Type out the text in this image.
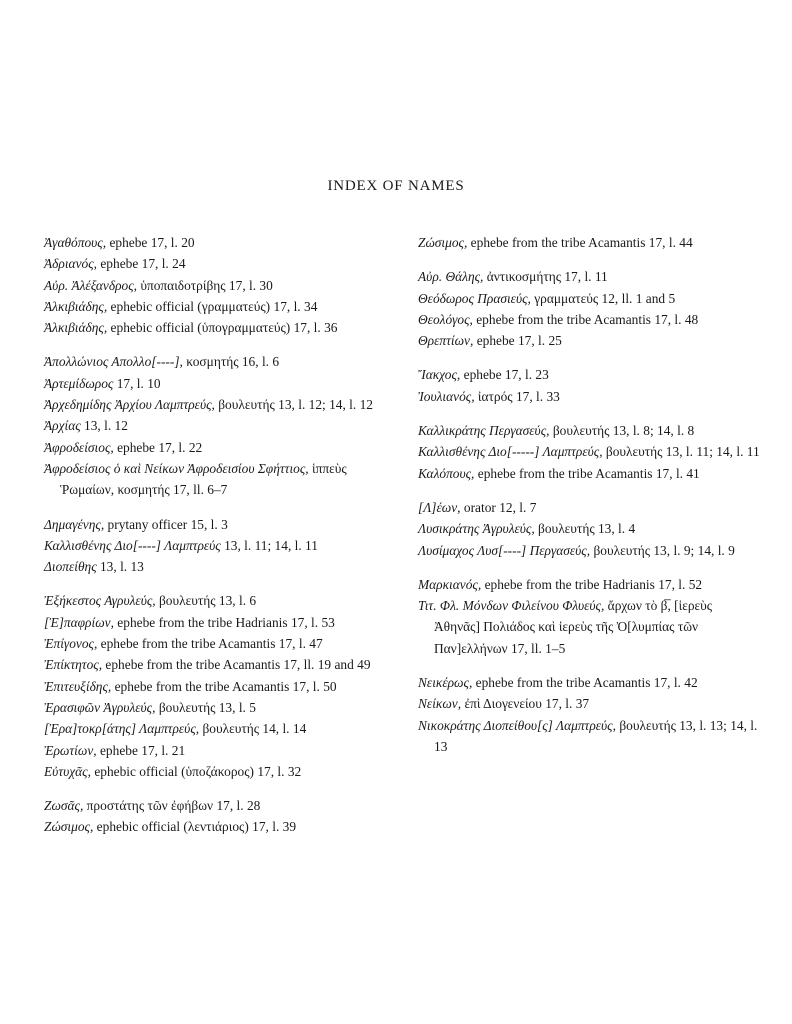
INDEX OF NAMES
Ἀγαθόπους, ephebe 17, l. 20
Ἀδριανός, ephebe 17, l. 24
Αὐρ. Ἀλέξανδρος, ὑποπαιδοτρίβης 17, l. 30
Ἀλκιβιάδης, ephebic official (γραμματεύς) 17, l. 34
Ἀλκιβιάδης, ephebic official (ὑπογραμματεύς) 17, l. 36
Ἀπολλώνιος Απολλο[----], κοσμητής 16, l. 6
Ἀρτεμίδωρος 17, l. 10
Ἀρχεδημίδης Ἀρχίου Λαμπτρεύς, βουλευτής 13, l. 12; 14, l. 12
Ἀρχίας 13, l. 12
Ἀφροδείσιος, ephebe 17, l. 22
Ἀφροδείσιος ὁ καὶ Νείκων Ἀφροδεισίου Σφήττιος, ἱππεὺς Ῥωμαίων, κοσμητής 17, ll. 6–7
Δημαγένης, prytany officer 15, l. 3
Καλλισθένης Διο[----] Λαμπτρεύς 13, l. 11; 14, l. 11
Διοπείθης 13, l. 13
Ἐξήκεστος Αγρυλεύς, βουλευτής 13, l. 6
[Ἐ]παφρίων, ephebe from the tribe Hadrianis 17, l. 53
Ἐπίγονος, ephebe from the tribe Acamantis 17, l. 47
Ἐπίκτητος, ephebe from the tribe Acamantis 17, ll. 19 and 49
Ἐπιτευξίδης, ephebe from the tribe Acamantis 17, l. 50
Ἐρασιφῶν Ἀγρυλεύς, βουλευτής 13, l. 5
[Ἐρα]τοκρ[άτης] Λαμπτρεύς, βουλευτής 14, l. 14
Ἐρωτίων, ephebe 17, l. 21
Εὐτυχᾶς, ephebic official (ὑποζάκορος) 17, l. 32
Ζωσᾶς, προστάτης τῶν ἐφήβων 17, l. 28
Ζώσιμος, ephebic official (λεντιάριος) 17, l. 39
Ζώσιμος, ephebe from the tribe Acamantis 17, l. 44
Αὐρ. Θάλης, ἀντικοσμήτης 17, l. 11
Θεόδωρος Πρασιεύς, γραμματεύς 12, ll. 1 and 5
Θεολόγος, ephebe from the tribe Acamantis 17, l. 48
Θρεπτίων, ephebe 17, l. 25
Ἴακχος, ephebe 17, l. 23
Ἰουλιανός, ἰατρός 17, l. 33
Καλλικράτης Περγασεύς, βουλευτής 13, l. 8; 14, l. 8
Καλλισθένης Διο[-----] Λαμπτρεύς, βουλευτής 13, l. 11; 14, l. 11
Καλόπους, ephebe from the tribe Acamantis 17, l. 41
[Λ]έων, orator 12, l. 7
Λυσικράτης Ἀγρυλεύς, βουλευτής 13, l. 4
Λυσίμαχος Λυσ[----] Περγασεύς, βουλευτής 13, l. 9; 14, l. 9
Μαρκιανός, ephebe from the tribe Hadrianis 17, l. 52
Τιτ. Φλ. Μόνδων Φιλείνου Φλυεύς, ἄρχων τὸ β̅, [ἱερεὺς Ἀθηνᾶς] Πολιάδος καὶ ἱερεὺς τῆς Ὀ[λυμπίας τῶν Παν]ελλήνων 17, ll. 1–5
Νεικέρως, ephebe from the tribe Acamantis 17, l. 42
Νείκων, ἐπὶ Διογενείου 17, l. 37
Νικοκράτης Διοπείθου[ς] Λαμπτρεύς, βουλευτής 13, l. 13; 14, l. 13
